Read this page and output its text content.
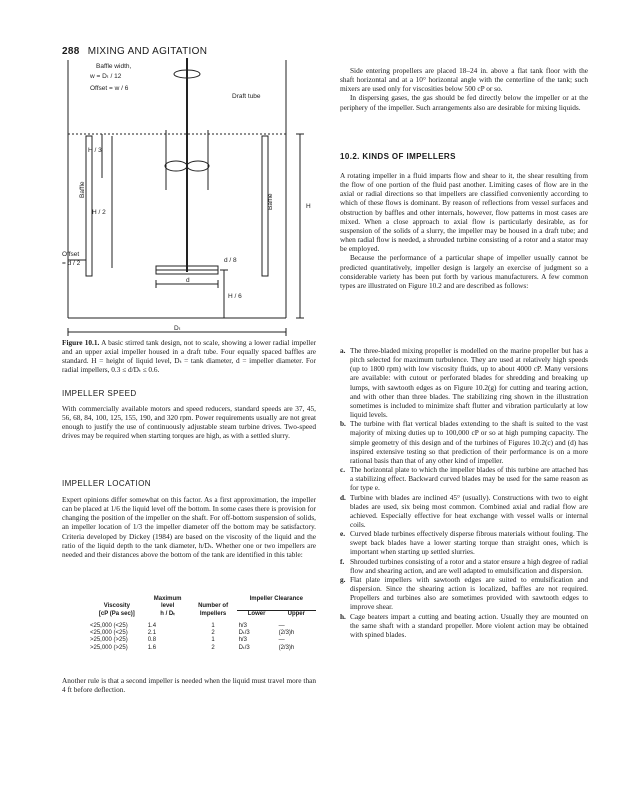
288 MIXING AND AGITATION
Baffle width,
w = Dₜ / 12
Offset = w / 6
Draft tube
H / 3
Baffle
Baffle
H / 2
H
Offset
= d / 2	d / 8
d
H / 6
Dₜ
Figure 10.1. A basic stirred tank design, not to scale, showing a lower radial impeller and an upper axial impeller housed in a draft tube. Four equally spaced baffles are standard. H = height of liquid level, Dₜ = tank diameter, d = impeller diameter. For radial impellers, 0.3 ≤ d/Dₜ ≤ 0.6.
IMPELLER SPEED

With commercially available motors and speed reducers, standard speeds are 37, 45, 56, 68, 84, 100, 125, 155, 190, and 320 rpm. Power requirements usually are not great enough to justify the use of continuously adjustable steam turbine drives. Two-speed drives may be required when starting torques are high, as with a settled slurry.

IMPELLER LOCATION

Expert opinions differ somewhat on this factor. As a first approximation, the impeller can be placed at 1/6 the liquid level off the bottom. In some cases there is provision for changing the position of the impeller on the shaft. For off-bottom suspension of solids, an impeller location of 1/3 the impeller diameter off the bottom may be satisfactory. Criteria developed by Dickey (1984) are based on the viscosity of the liquid and the ratio of the liquid depth to the tank diameter, h/Dₜ. Whether one or two impellers are needed and their distances above the bottom of the tank are identified in this table:

	Maximum		Impeller Clearance	
Viscosity	level	Number of		
[cP (Pa sec)]	h / Dₜ	Impellers	Lower	Upper

<25,000 (<25)	1.4	1	h/3	—
<25,000 (<25)	2.1	2	Dₜ/3	(2/3)h
>25,000 (>25)	0.8	1	h/3	—
>25,000 (>25)	1.6	2	Dₜ/3	(2/3)h

Another rule is that a second impeller is needed when the liquid must travel more than 4 ft before deflection.

Side entering propellers are placed 18–24 in. above a flat tank floor with the shaft horizontal and at a 10° horizontal angle with the centerline of the tank; such mixers are used only for viscosities below 500 cP or so.

In dispersing gases, the gas should be fed directly below the impeller or at the periphery of the impeller. Such arrangements also are desirable for mixing liquids.

10.2. KINDS OF IMPELLERS

A rotating impeller in a fluid imparts flow and shear to it, the shear resulting from the flow of one portion of the fluid past another. Limiting cases of flow are in the axial or radial directions so that impellers are classified conveniently according to which of these flows is dominant. By reason of reflections from vessel surfaces and obstruction by baffles and other internals, however, flow patterns in most cases are mixed. When a close approach to axial flow is particularly desirable, as for suspension of the solids of a slurry, the impeller may be housed in a draft tube; and when radial flow is needed, a shrouded turbine consisting of a rotor and a stator may be employed.

Because the performance of a particular shape of impeller usually cannot be predicted quantitatively, impeller design is largely an exercise of judgment so a considerable variety has been put forth by various manufacturers. A few common types are illustrated on Figure 10.2 and are described as follows:

a. The three-bladed mixing propeller is modelled on the marine propeller but has a pitch selected for maximum turbulence. They are used at relatively high speeds (up to 1800 rpm) with low viscosity fluids, up to about 4000 cP. Many versions are available: with cutout or perforated blades for shredding and breaking up lumps, with sawtooth edges as on Figure 10.2(g) for cutting and tearing action, and with other than three blades. The stabilizing ring shown in the illustration sometimes is included to minimize shaft flutter and vibration particularly at low liquid levels.
b. The turbine with flat vertical blades extending to the shaft is suited to the vast majority of mixing duties up to 100,000 cP or so at high pumping capacity. The simple geometry of this design and of the turbines of Figures 10.2(c) and (d) has inspired extensive testing so that prediction of their performance is on a more rational basis than that of any other kind of impeller.
c. The horizontal plate to which the impeller blades of this turbine are attached has a stabilizing effect. Backward curved blades may be used for the same reason as for type e.
d. Turbine with blades are inclined 45° (usually). Constructions with two to eight blades are used, six being most common. Combined axial and radial flow are achieved. Especially effective for heat exchange with vessel walls or internal coils.
e. Curved blade turbines effectively disperse fibrous materials without fouling. The swept back blades have a lower starting torque than straight ones, which is important when starting up settled slurries.
f. Shrouded turbines consisting of a rotor and a stator ensure a high degree of radial flow and shearing action, and are well adapted to emulsification and dispersion.
g. Flat plate impellers with sawtooth edges are suited to emulsification and dispersion. Since the shearing action is localized, baffles are not required. Propellers and turbines also are sometimes provided with sawtooth edges to improve shear.
h. Cage beaters impart a cutting and beating action. Usually they are mounted on the same shaft with a standard propeller. More violent action may be obtained with spined blades.
